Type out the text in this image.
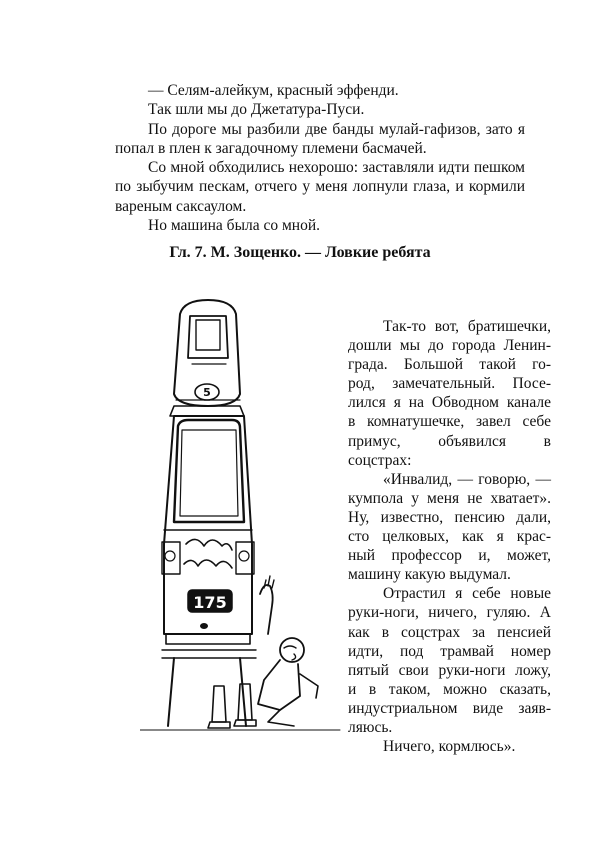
— Селям-алейкум, красный эффенди.

Так шли мы до Джетатура-Пуси.

По дороге мы разбили две банды мулай-гафизов, зато я попал в плен к загадочному племени басмачей.

Со мной обходились нехорошо: заставляли идти пешком по зыбучим пескам, отчего у меня лопнули глаза, и кормили вареным саксаулом.

Но машина была со мной.

Гл. 7. М. Зощенко. — Ловкие ребята
175
5

Так-то вот, братишечки,
дошли мы до города Ленин-
града. Большой такой го-
род, замечательный. Посе-
лился я на Обводном канале
в комнатушечке, завел себе
примус, объявился в
соцстрах:

«Инвалид, — говорю, —
кумпола у меня не хватает».
Ну, известно, пенсию дали,
сто целковых, как я крас-
ный профессор и, может,
машину какую выдумал.

Отрастил я себе новые
руки-ноги, ничего, гуляю. А
как в соцстрах за пенсией
идти, под трамвай номер
пятый свои руки-ноги ложу,
и в таком, можно сказать,
индустриальном виде заяв-
ляюсь.

Ничего, кормлюсь».
